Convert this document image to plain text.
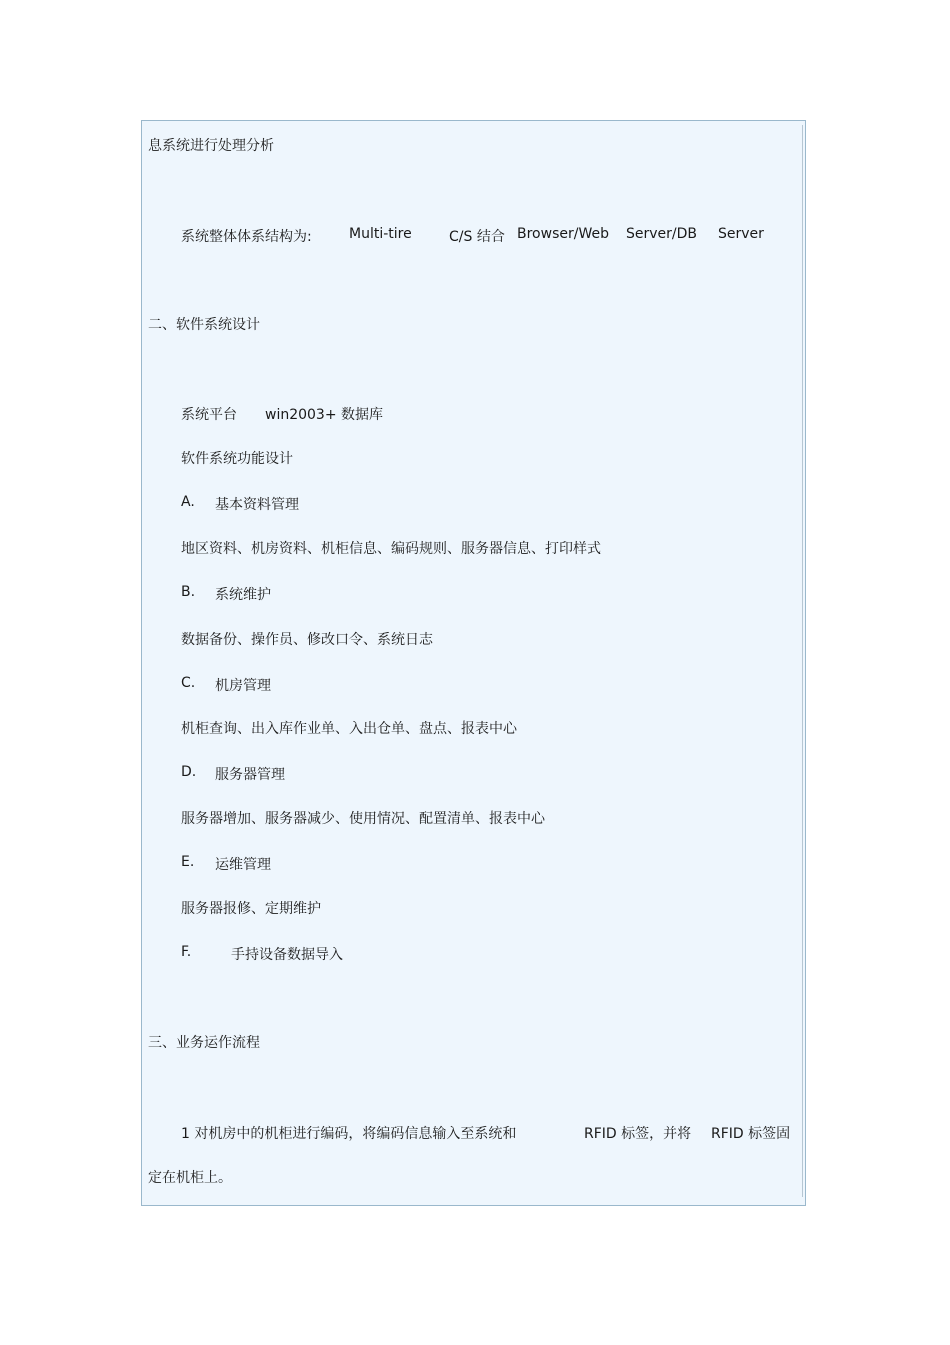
息系统进行处理分析
系统整体体系结构为:	Multi-tire	C/S 结合 Browser/Web Server/DB Server
二、软件系统设计
系统平台 win2003+ 数据库
软件系统功能设计
A. 基本资料管理
地区资料、机房资料、机柜信息、编码规则、服务器信息、打印样式
B. 系统维护
数据备份、操作员、修改口令、系统日志
C. 机房管理
机柜查询、出入库作业单、入出仓单、盘点、报表中心
D. 服务器管理
服务器增加、服务器减少、使用情况、配置清单、报表中心
E. 运维管理
服务器报修、定期维护
F.	手持设备数据导入
三、业务运作流程
1 对机房中的机柜进行编码，将编码信息输入至系统和	RFID 标签，并将 RFID 标签固
定在机柜上。
